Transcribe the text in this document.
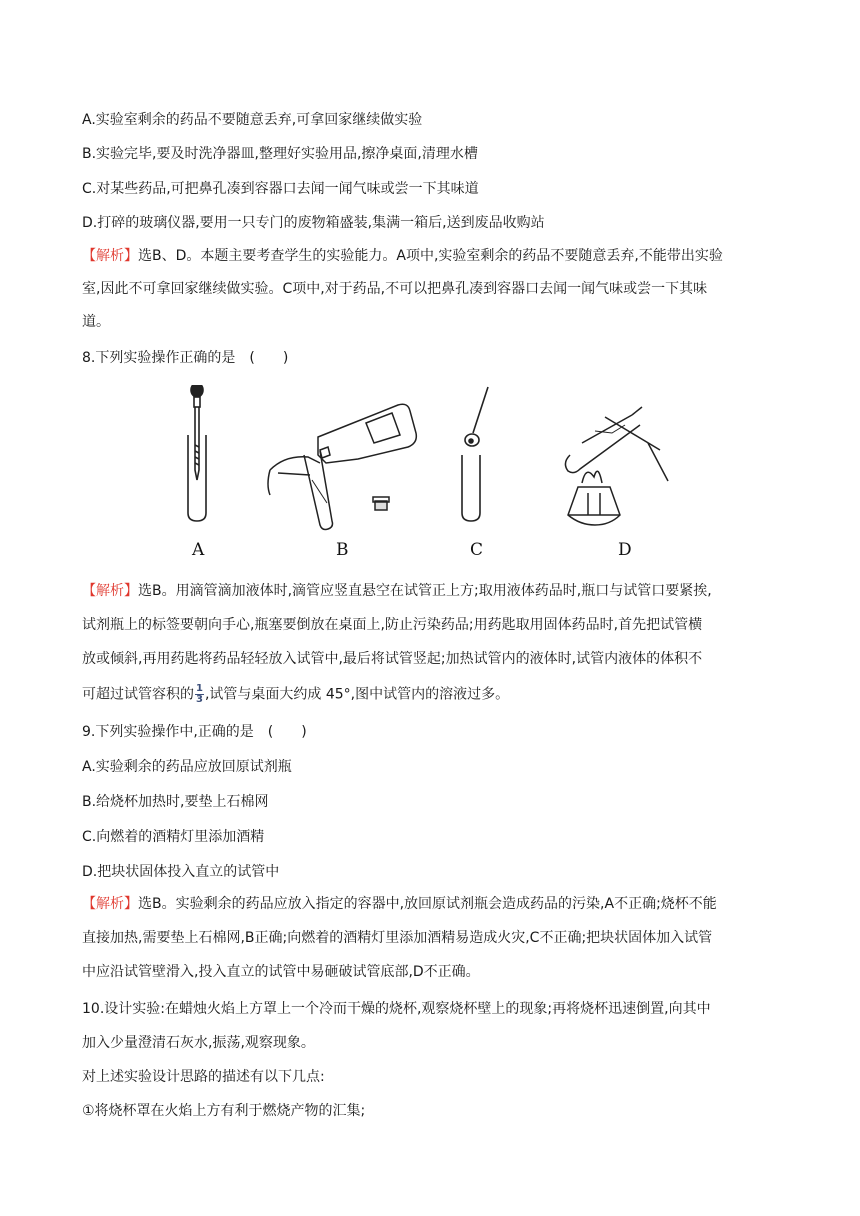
A.实验室剩余的药品不要随意丢弃,可拿回家继续做实验
B.实验完毕,要及时洗净器皿,整理好实验用品,擦净桌面,清理水槽
C.对某些药品,可把鼻孔凑到容器口去闻一闻气味或尝一下其味道
D.打碎的玻璃仪器,要用一只专门的废物箱盛装,集满一箱后,送到废品收购站
【解析】选B、D。本题主要考查学生的实验能力。A项中,实验室剩余的药品不要随意丢弃,不能带出实验
室,因此不可拿回家继续做实验。C项中,对于药品,不可以把鼻孔凑到容器口去闻一闻气味或尝一下其味
道。
8.下列实验操作正确的是　(　　)
A	B	C	D
【解析】选B。用滴管滴加液体时,滴管应竖直悬空在试管正上方;取用液体药品时,瓶口与试管口要紧挨,
试剂瓶上的标签要朝向手心,瓶塞要倒放在桌面上,防止污染药品;用药匙取用固体药品时,首先把试管横
放或倾斜,再用药匙将药品轻轻放入试管中,最后将试管竖起;加热试管内的液体时,试管内液体的体积不
可超过试管容积的 $\frac{1}{3}$ ,试管与桌面大约成 45°,图中试管内的溶液过多。
9.下列实验操作中,正确的是　(　　)
A.实验剩余的药品应放回原试剂瓶
B.给烧杯加热时,要垫上石棉网
C.向燃着的酒精灯里添加酒精
D.把块状固体投入直立的试管中
【解析】选B。实验剩余的药品应放入指定的容器中,放回原试剂瓶会造成药品的污染,A不正确;烧杯不能
直接加热,需要垫上石棉网,B正确;向燃着的酒精灯里添加酒精易造成火灾,C不正确;把块状固体加入试管
中应沿试管壁滑入,投入直立的试管中易砸破试管底部,D不正确。
10.设计实验:在蜡烛火焰上方罩上一个冷而干燥的烧杯,观察烧杯壁上的现象;再将烧杯迅速倒置,向其中
加入少量澄清石灰水,振荡,观察现象。
对上述实验设计思路的描述有以下几点:
①将烧杯罩在火焰上方有利于燃烧产物的汇集;
